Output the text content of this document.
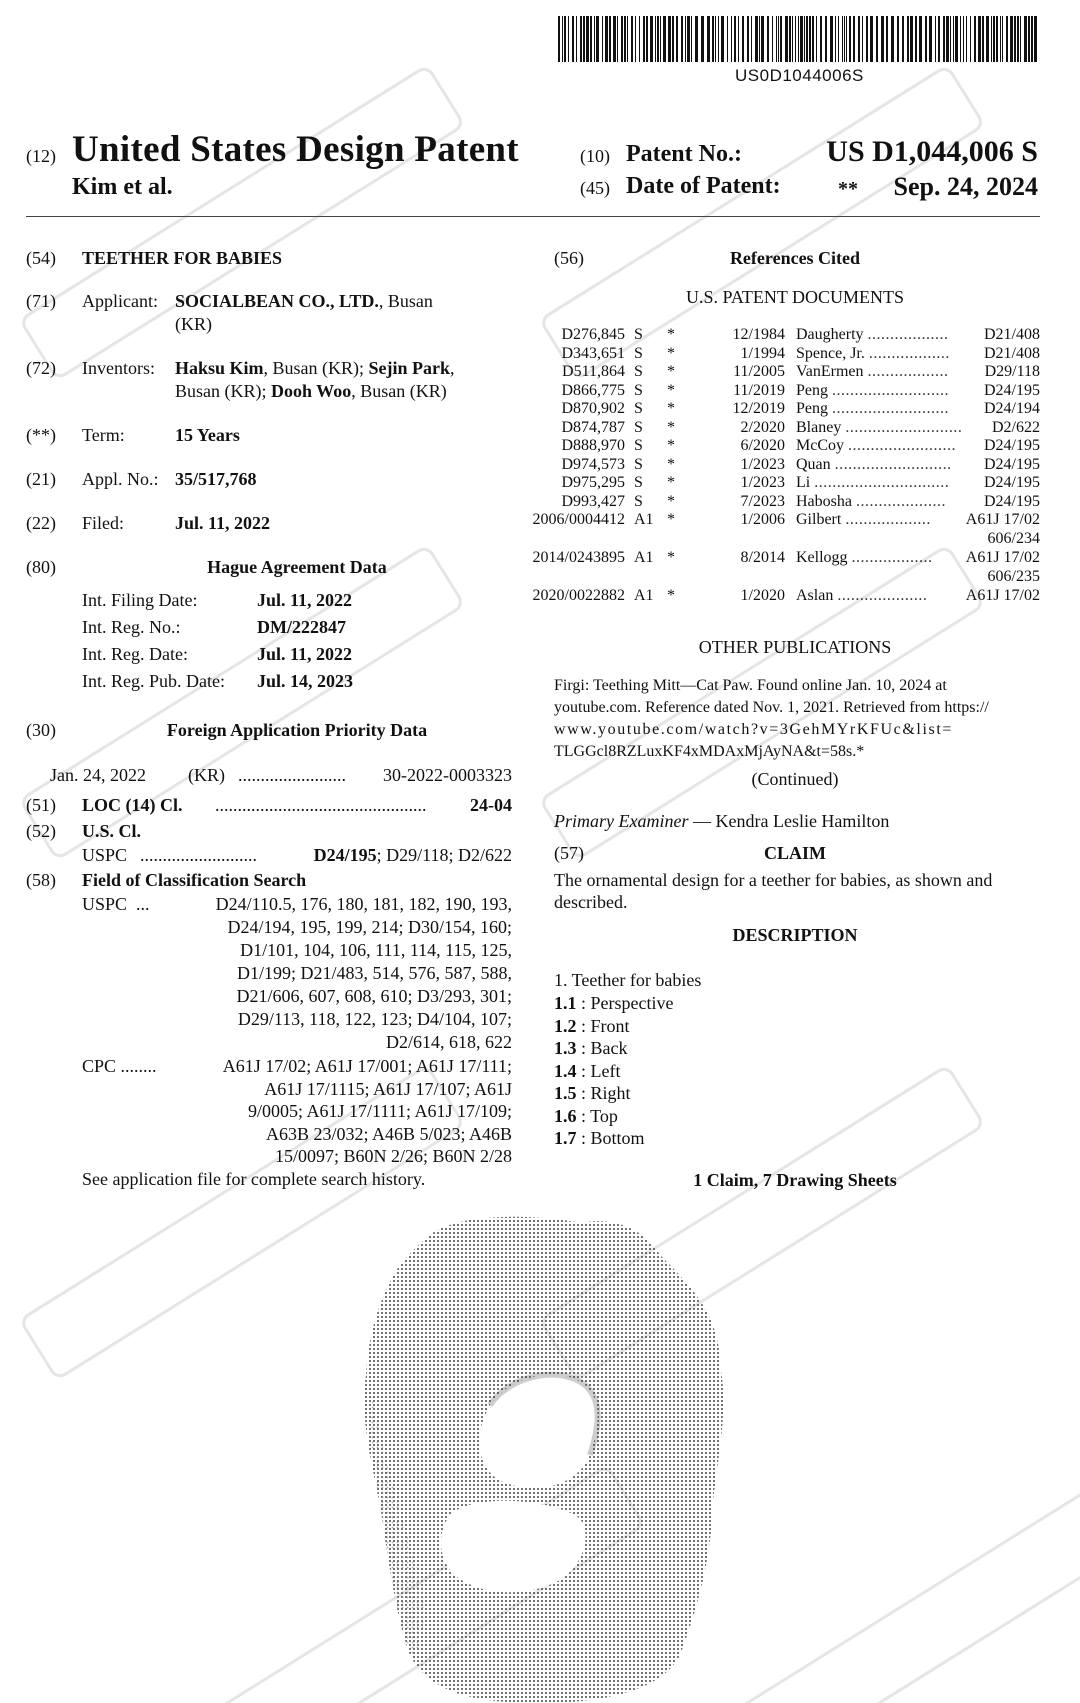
US0D1044006S
(12) United States Design Patent
Kim et al.
(10) Patent No.:	US D1,044,006 S
(45) Date of Patent:	** Sep. 24, 2024
(54) TEETHER FOR BABIES
(71) Applicant: SOCIALBEAN CO., LTD., Busan
(KR)
(72) Inventors: Haksu Kim, Busan (KR); Sejin Park,
Busan (KR); Dooh Woo, Busan (KR)
(**) Term:	15 Years
(21) Appl. No.: 35/517,768
(22) Filed:	Jul. 11, 2022
(80)	Hague Agreement Data
Int. Filing Date:	Jul. 11, 2022
Int. Reg. No.:	DM/222847
Int. Reg. Date:	Jul. 11, 2022
Int. Reg. Pub. Date: Jul. 14, 2023
(30)	Foreign Application Priority Data
Jan. 24, 2022 (KR) ........................ 30-2022-0003323
(51) LOC (14) Cl. ............................................... 24-04
(52) U.S. Cl.
USPC ..........................	D24/195; D29/118; D2/622
(58) Field of Classification Search
USPC  ...	D24/110.5, 176, 180, 181, 182, 190, 193,
D24/194, 195, 199, 214; D30/154, 160;
D1/101, 104, 106, 111, 114, 115, 125,
D1/199; D21/483, 514, 576, 587, 588,
D21/606, 607, 608, 610; D3/293, 301;
D29/113, 118, 122, 123; D4/104, 107;
D2/614, 618, 622
CPC ........	A61J 17/02; A61J 17/001; A61J 17/111;
A61J 17/1115; A61J 17/107; A61J
9/0005; A61J 17/1111; A61J 17/109;
A63B 23/032; A46B 5/023; A46B
15/0097; B60N 2/26; B60N 2/28
See application file for complete search history.
(56)	References Cited
U.S. PATENT DOCUMENTS
D276,845 S *	12/1984 Daugherty .................. D21/408
D343,651 S *	1/1994 Spence, Jr. .................. D21/408
D511,864 S *	11/2005 VanErmen .................. D29/118
D866,775 S *	11/2019 Peng .......................... D24/195
D870,902 S *	12/2019 Peng .......................... D24/194
D874,787 S *	2/2020 Blaney .......................... D2/622
D888,970 S *	6/2020 McCoy ........................ D24/195
D974,573 S *	1/2023 Quan .......................... D24/195
D975,295 S *	1/2023 Li .............................. D24/195
D993,427 S *	7/2023 Habosha .................... D24/195
2006/0004412 A1 *	1/2006 Gilbert ................... A61J 17/02
606/234
2014/0243895 A1 *	8/2014 Kellogg .................. A61J 17/02
606/235
2020/0022882 A1 *	1/2020 Aslan .................... A61J 17/02
OTHER PUBLICATIONS
Firgi: Teething Mitt—Cat Paw. Found online Jan. 10, 2024 at
youtube.com. Reference dated Nov. 1, 2021. Retrieved from https://
www.youtube.com/watch?v=3GehMYrKFUc&list=
TLGGcl8RZLuxKF4xMDAxMjAyNA&t=58s.*
(Continued)
Primary Examiner — Kendra Leslie Hamilton
(57)	CLAIM
The ornamental design for a teether for babies, as shown and
described.
DESCRIPTION
1. Teether for babies
1.1 : Perspective
1.2 : Front
1.3 : Back
1.4 : Left
1.5 : Right
1.6 : Top
1.7 : Bottom
1 Claim, 7 Drawing Sheets
